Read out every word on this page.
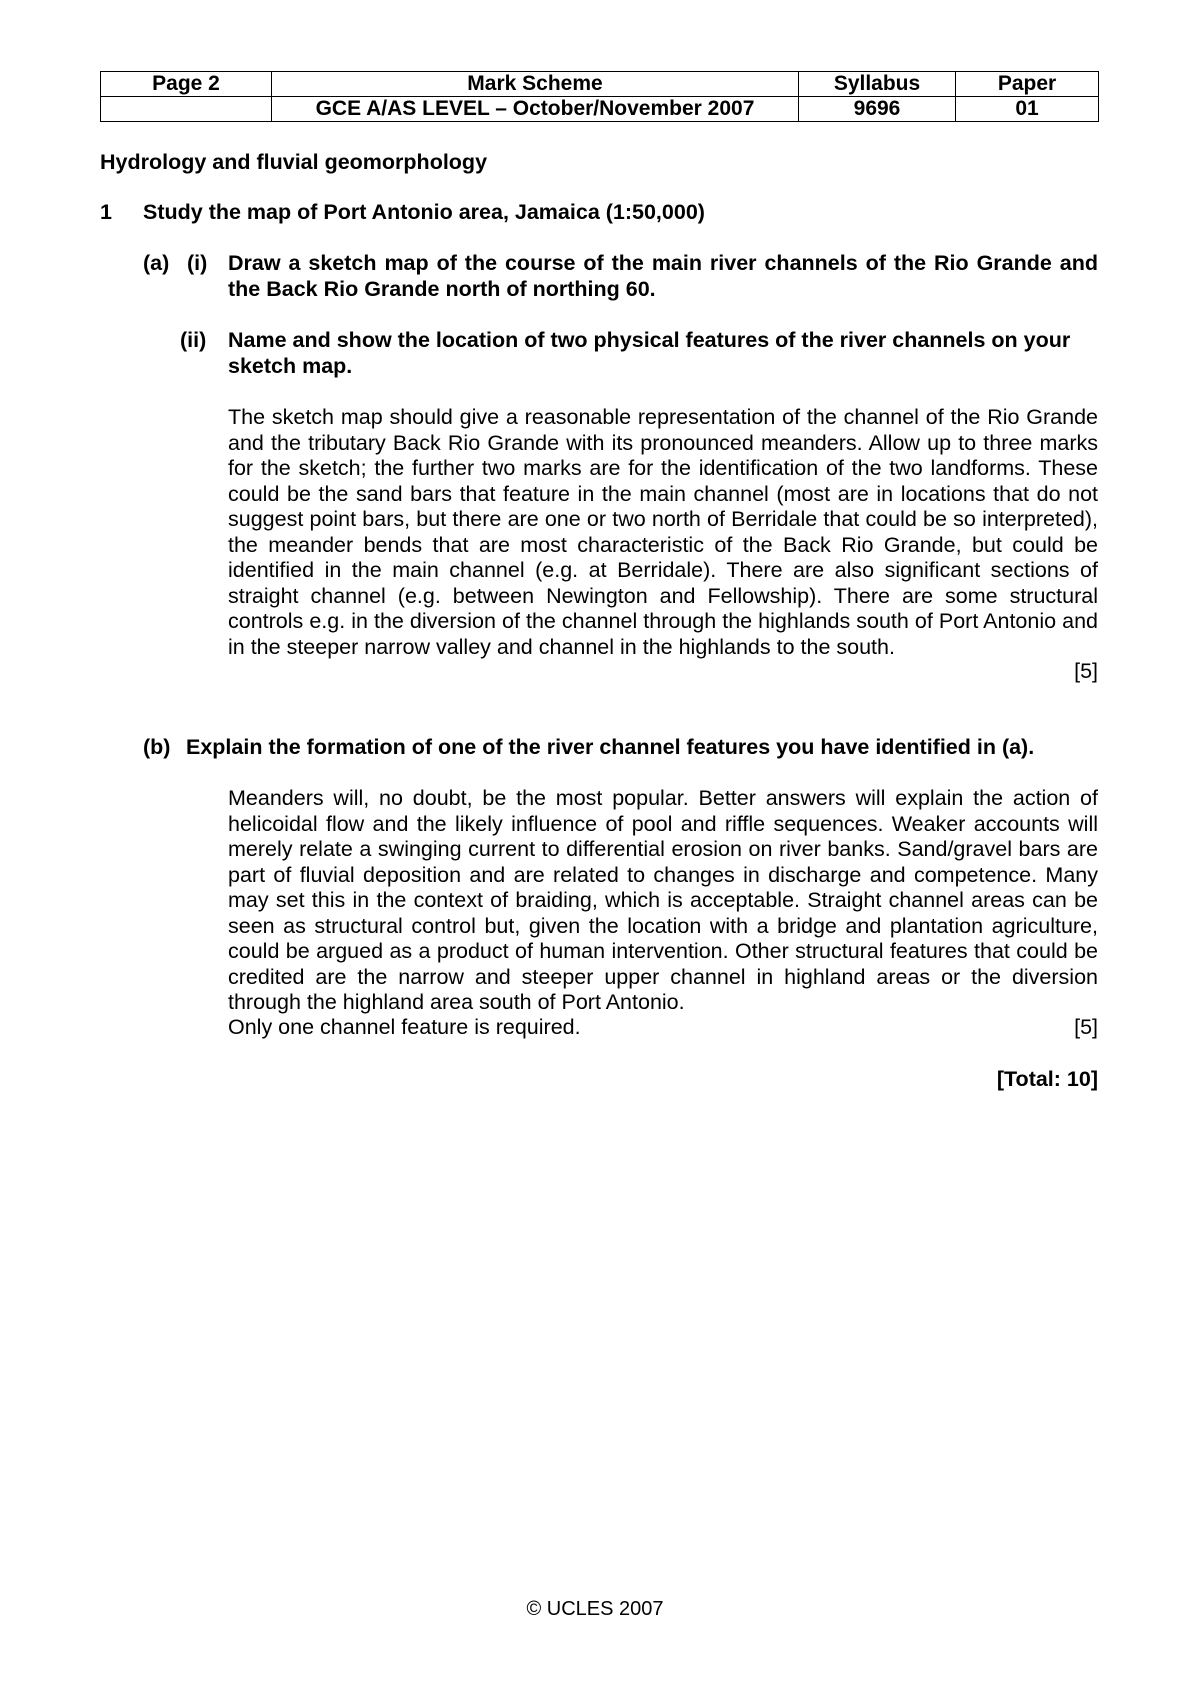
Page 2	Mark Scheme	Syllabus	Paper
	GCE A/AS LEVEL – October/November 2007	9696	01
Hydrology and fluvial geomorphology
1 Study the map of Port Antonio area, Jamaica (1:50,000)
(a) (i) Draw a sketch map of the course of the main river channels of the Rio Grande and the Back Rio Grande north of northing 60.
(ii) Name and show the location of two physical features of the river channels on your sketch map.
The sketch map should give a reasonable representation of the channel of the Rio Grande and the tributary Back Rio Grande with its pronounced meanders. Allow up to three marks for the sketch; the further two marks are for the identification of the two landforms. These could be the sand bars that feature in the main channel (most are in locations that do not suggest point bars, but there are one or two north of Berridale that could be so interpreted), the meander bends that are most characteristic of the Back Rio Grande, but could be identified in the main channel (e.g. at Berridale). There are also significant sections of straight channel (e.g. between Newington and Fellowship). There are some structural controls e.g. in the diversion of the channel through the highlands south of Port Antonio and in the steeper narrow valley and channel in the highlands to the south.
[5]
(b) Explain the formation of one of the river channel features you have identified in (a).
Meanders will, no doubt, be the most popular. Better answers will explain the action of helicoidal flow and the likely influence of pool and riffle sequences. Weaker accounts will merely relate a swinging current to differential erosion on river banks. Sand/gravel bars are part of fluvial deposition and are related to changes in discharge and competence. Many may set this in the context of braiding, which is acceptable. Straight channel areas can be seen as structural control but, given the location with a bridge and plantation agriculture, could be argued as a product of human intervention. Other structural features that could be credited are the narrow and steeper upper channel in highland areas or the diversion through the highland area south of Port Antonio.
Only one channel feature is required.	[5]
[Total: 10]
© UCLES 2007
